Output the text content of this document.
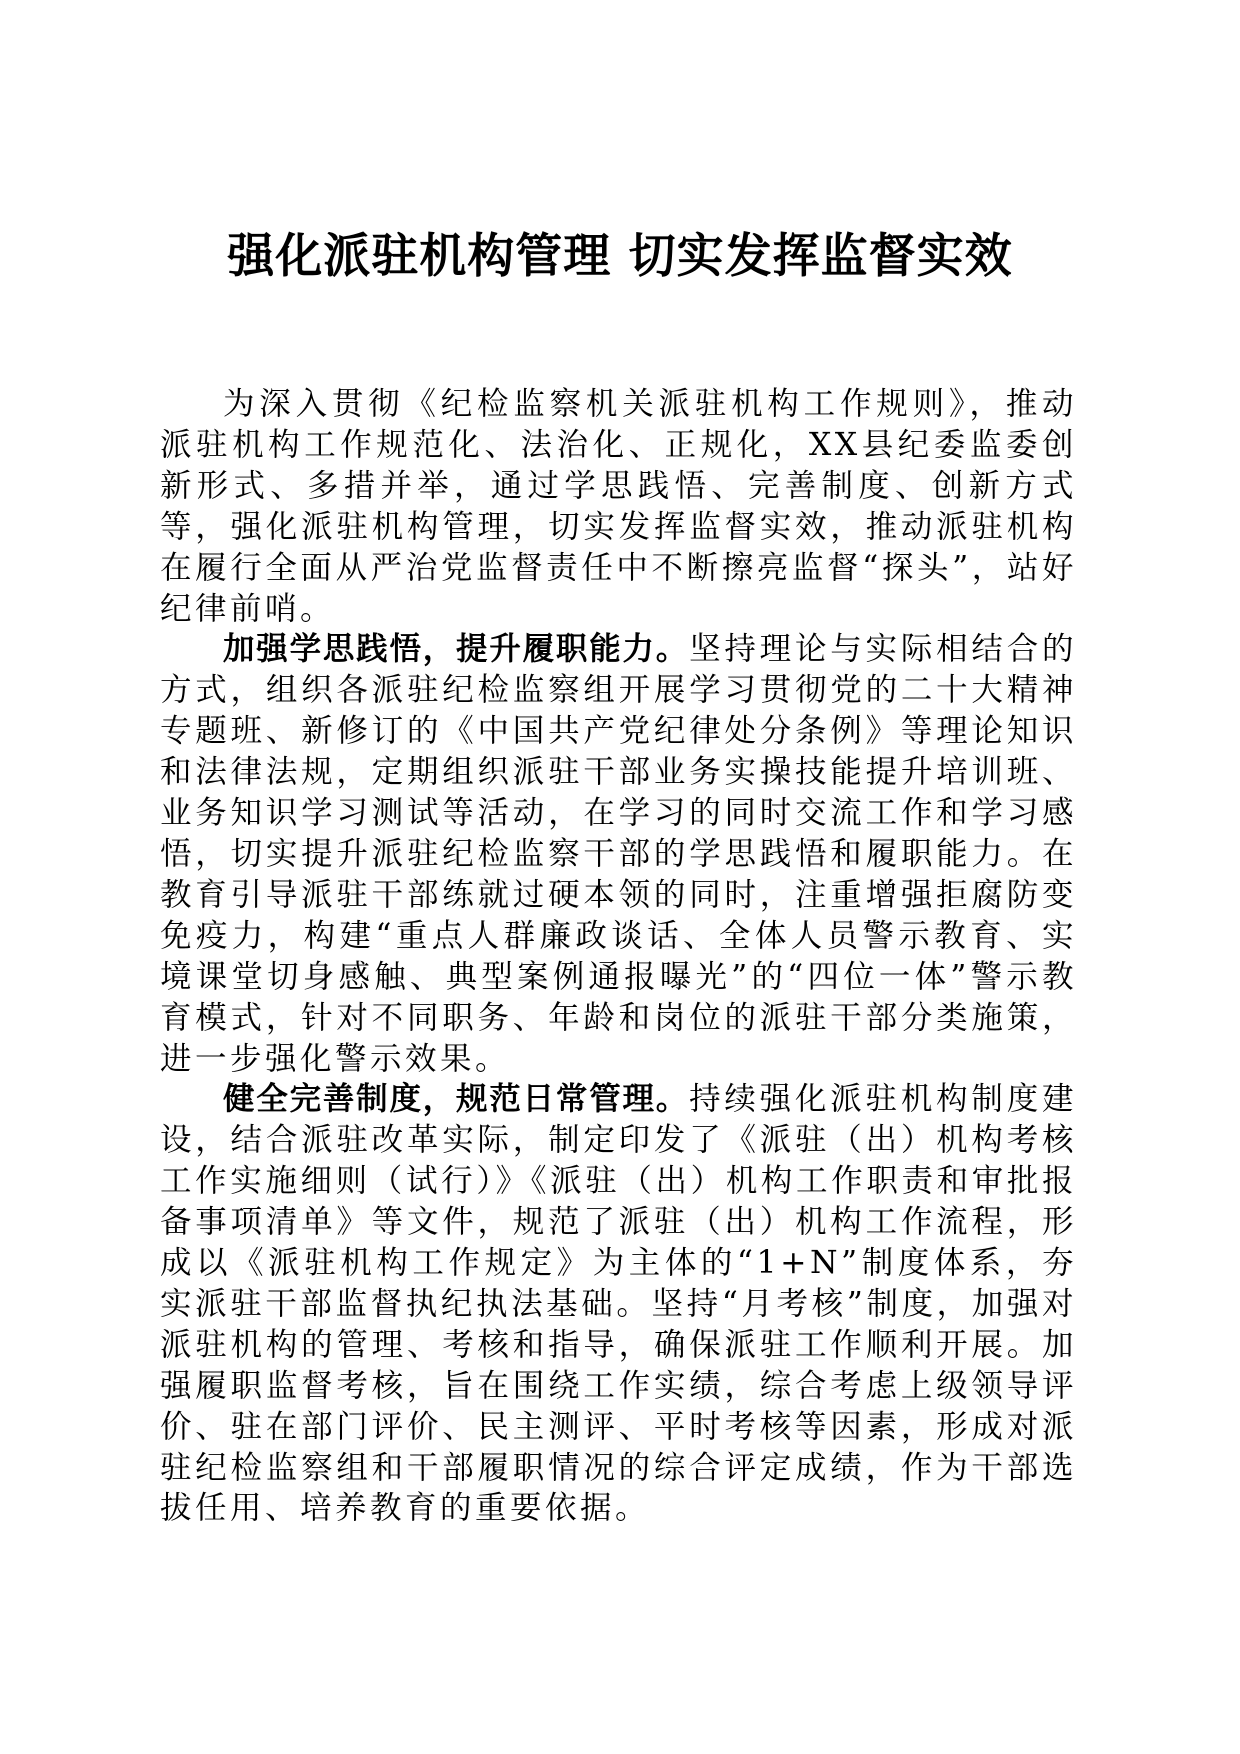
强化派驻机构管理 切实发挥监督实效

为深入贯彻《纪检监察机关派驻机构工作规则》，推动派驻机构工作规范化、法治化、正规化，XX县纪委监委创新形式、多措并举，通过学思践悟、完善制度、创新方式等，强化派驻机构管理，切实发挥监督实效，推动派驻机构在履行全面从严治党监督责任中不断擦亮监督“探头”，站好纪律前哨。

加强学思践悟，提升履职能力。坚持理论与实际相结合的方式，组织各派驻纪检监察组开展学习贯彻党的二十大精神专题班、新修订的《中国共产党纪律处分条例》等理论知识和法律法规，定期组织派驻干部业务实操技能提升培训班、业务知识学习测试等活动，在学习的同时交流工作和学习感悟，切实提升派驻纪检监察干部的学思践悟和履职能力。在教育引导派驻干部练就过硬本领的同时，注重增强拒腐防变免疫力，构建“重点人群廉政谈话、全体人员警示教育、实境课堂切身感触、典型案例通报曝光”的“四位一体”警示教育模式，针对不同职务、年龄和岗位的派驻干部分类施策，进一步强化警示效果。

健全完善制度，规范日常管理。持续强化派驻机构制度建设，结合派驻改革实际，制定印发了《派驻（出）机构考核工作实施细则（试行）》《派驻（出）机构工作职责和审批报备事项清单》等文件，规范了派驻（出）机构工作流程，形成以《派驻机构工作规定》为主体的“1+N”制度体系，夯实派驻干部监督执纪执法基础。坚持“月考核”制度，加强对派驻机构的管理、考核和指导，确保派驻工作顺利开展。加强履职监督考核，旨在围绕工作实绩，综合考虑上级领导评价、驻在部门评价、民主测评、平时考核等因素，形成对派驻纪检监察组和干部履职情况的综合评定成绩，作为干部选拔任用、培养教育的重要依据。
